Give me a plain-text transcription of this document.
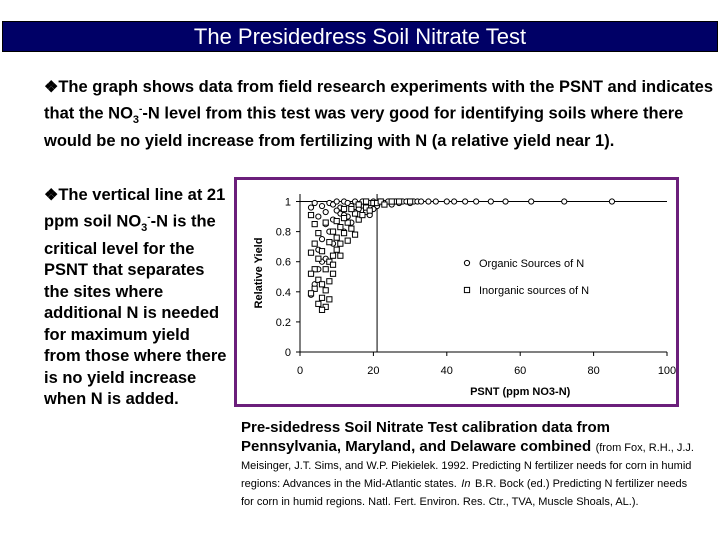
The Presidedress Soil Nitrate Test
❖The graph shows data from field research experiments with the PSNT and indicates that the $NO_3^--N$ level from this test was very good for identifying soils where there would be no yield increase from fertilizing with N (a relative yield near 1).
❖The vertical line at 21 ppm soil $NO_3^--N$ is the critical level for the PSNT that separates the sites where additional N is needed for maximum yield from those where there is no yield increase when N is added.
0	20	40	60	80	100
0
0.2
0.4
0.6
0.8
1
PSNT (ppm NO3-N)
Relative Yield	Organic Sources of N
Inorganic sources of N
Pre-sidedress Soil Nitrate Test calibration data from Pennsylvania, Maryland, and Delaware combined (from Fox, R.H., J.J. Meisinger, J.T. Sims, and W.P. Piekielek. 1992. Predicting N fertilizer needs for corn in humid regions: Advances in the Mid-Atlantic states. In B.R. Bock (ed.) Predicting N fertilizer needs for corn in humid regions. Natl. Fert. Environ. Res. Ctr., TVA, Muscle Shoals, AL.).
